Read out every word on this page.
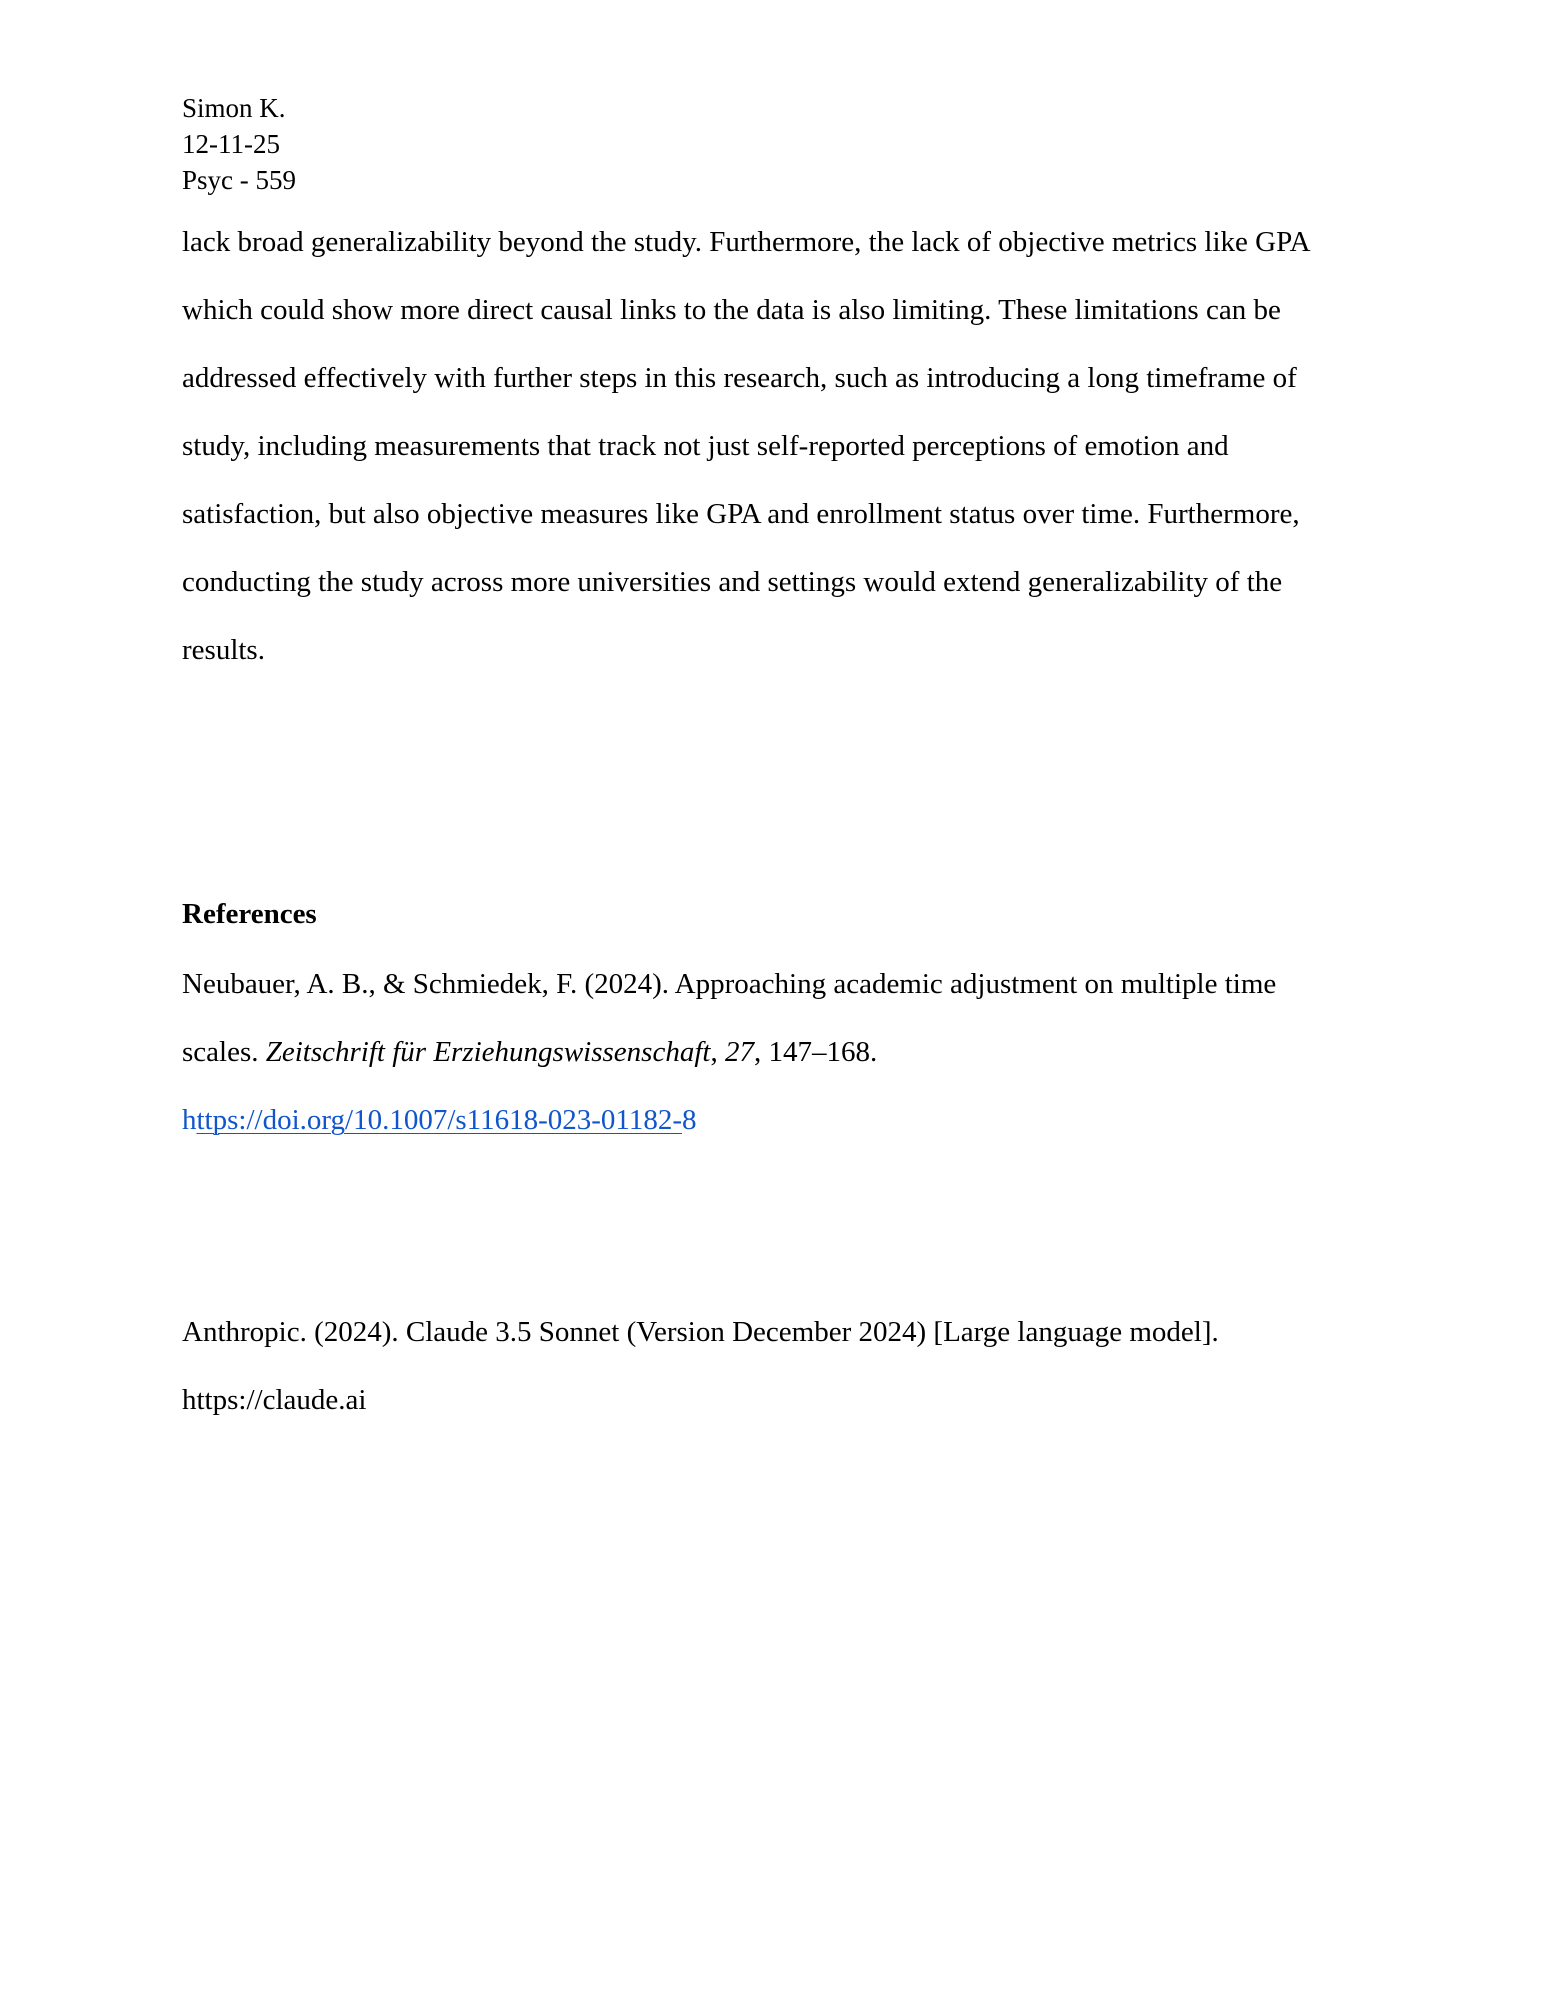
Simon K.
12-11-25
Psyc - 559
lack broad generalizability beyond the study. Furthermore, the lack of objective metrics like GPA
which could show more direct causal links to the data is also limiting. These limitations can be
addressed effectively with further steps in this research, such as introducing a long timeframe of
study, including measurements that track not just self-reported perceptions of emotion and
satisfaction, but also objective measures like GPA and enrollment status over time. Furthermore,
conducting the study across more universities and settings would extend generalizability of the
results.
References
Neubauer, A. B., & Schmiedek, F. (2024). Approaching academic adjustment on multiple time
scales. Zeitschrift für Erziehungswissenschaft, 27, 147–168.
https://doi.org/10.1007/s11618-023-01182-8
Anthropic. (2024). Claude 3.5 Sonnet (Version December 2024) [Large language model].
https://claude.ai
